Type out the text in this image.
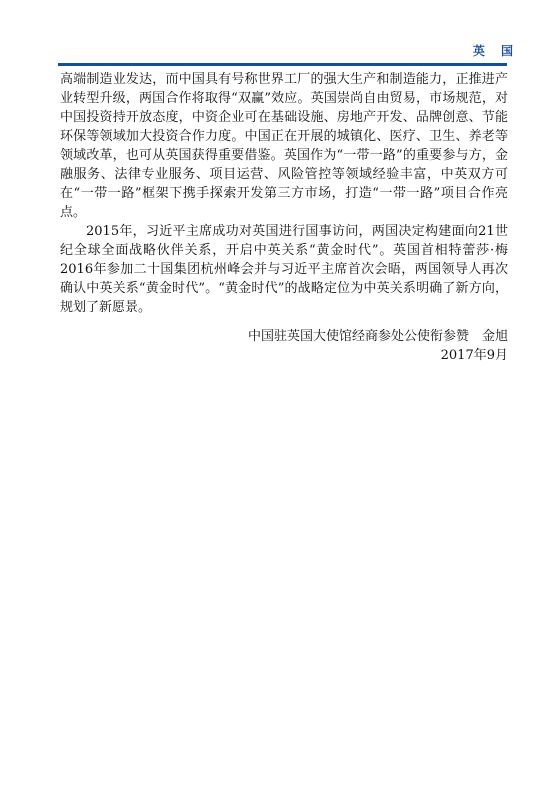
英 国

高端制造业发达，而中国具有号称世界工厂的强大生产和制造能力，正推进产业转型升级，两国合作将取得“双赢”效应。英国崇尚自由贸易，市场规范，对中国投资持开放态度，中资企业可在基础设施、房地产开发、品牌创意、节能环保等领域加大投资合作力度。中国正在开展的城镇化、医疗、卫生、养老等领域改革，也可从英国获得重要借鉴。英国作为“一带一路”的重要参与方，金融服务、法律专业服务、项目运营、风险管控等领域经验丰富，中英双方可在“一带一路”框架下携手探索开发第三方市场，打造“一带一路”项目合作亮点。

2015年，习近平主席成功对英国进行国事访问，两国决定构建面向21世纪全球全面战略伙伴关系，开启中英关系“黄金时代”。英国首相特蕾莎·梅2016年参加二十国集团杭州峰会并与习近平主席首次会晤，两国领导人再次确认中英关系“黄金时代”。“黄金时代”的战略定位为中英关系明确了新方向，规划了新愿景。

中国驻英国大使馆经商参处公使衔参赞　金旭
2017年9月
